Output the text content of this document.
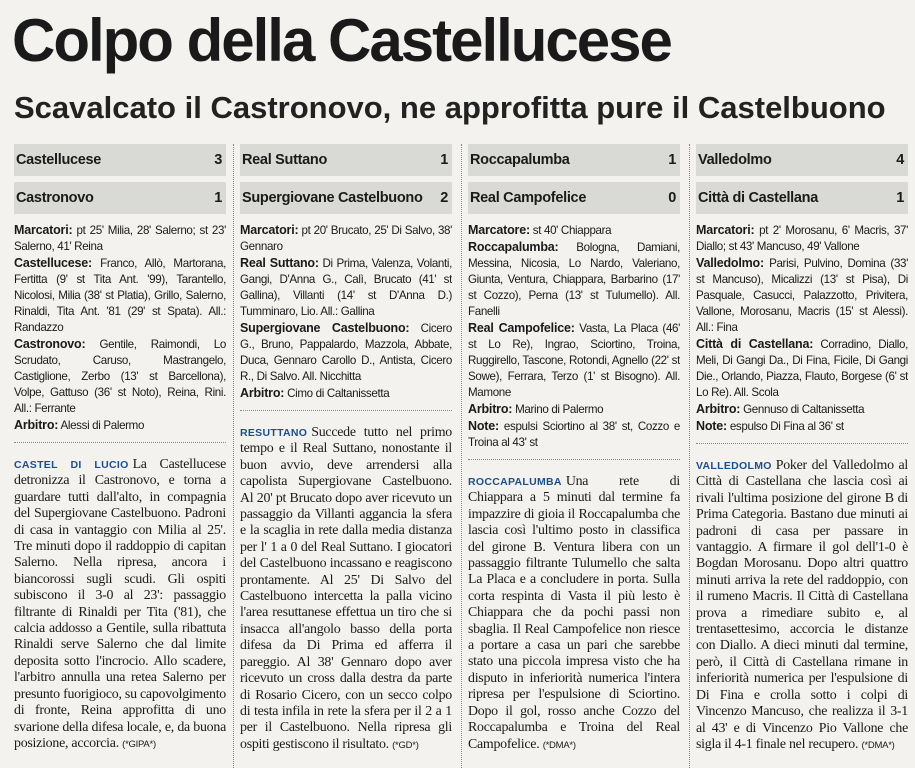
Colpo della Castellucese
Scavalcato il Castronovo, ne approfitta pure il Castelbuono
Castellucese	3
Castronovo	1

Marcatori: pt 25' Milia, 28' Salerno; st 23' Salerno, 41' Reina

Castellucese: Franco, Allò, Martorana, Fertitta (9' st Tita Ant. '99), Tarantello, Nicolosi, Milia (38' st Platia), Grillo, Salerno, Rinaldi, Tita Ant. '81 (29' st Spata). All.: Randazzo

Castronovo: Gentile, Raimondi, Lo Scrudato, Caruso, Mastrangelo, Castiglione, Zerbo (13' st Barcellona), Volpe, Gattuso (36' st Noto), Reina, Rini. All.: Ferrante

Arbitro: Alessi di Palermo

CASTEL DI LUCIO La Castellucese detronizza il Castronovo, e torna a guardare tutti dall'alto, in compagnia del Supergiovane Castelbuono. Padroni di casa in vantaggio con Milia al 25'. Tre minuti dopo il raddoppio di capitan Salerno. Nella ripresa, ancora i biancorossi sugli scudi. Gli ospiti subiscono il 3-0 al 23': passaggio filtrante di Rinaldi per Tita ('81), che calcia addosso a Gentile, sulla ribattuta Rinaldi serve Salerno che dal limite deposita sotto l'incrocio. Allo scadere, l'arbitro annulla una retea Salerno per presunto fuorigioco, su capovolgimento di fronte, Reina approfitta di uno svarione della difesa locale, e, da buona posizione, accorcia. (*GIPA*)
Real Suttano	1
Supergiovane Castelbuono 2

Marcatori: pt 20' Brucato, 25' Di Salvo, 38' Gennaro

Real Suttano: Di Prima, Valenza, Volanti, Gangi, D'Anna G., Calì, Brucato (41' st Gallina), Villanti (14' st D'Anna D.) Tumminaro, Lio. All.: Gallina

Supergiovane Castelbuono: Cicero G., Bruno, Pappalardo, Mazzola, Abbate, Duca, Gennaro Carollo D., Antista, Cicero R., Di Salvo. All. Nicchitta

Arbitro: Cimo di Caltanissetta

RESUTTANO Succede tutto nel primo tempo e il Real Suttano, nonostante il buon avvio, deve arrendersi alla capolista Supergiovane Castelbuono. Al 20' pt Brucato dopo aver ricevuto un passaggio da Villanti aggancia la sfera e la scaglia in rete dalla media distanza per l' 1 a 0 del Real Suttano. I giocatori del Castelbuono incassano e reagiscono prontamente. Al 25' Di Salvo del Castelbuono intercetta la palla vicino l'area resuttanese effettua un tiro che si insacca all'angolo basso della porta difesa da Di Prima ed afferra il pareggio. Al 38' Gennaro dopo aver ricevuto un cross dalla destra da parte di Rosario Cicero, con un secco colpo di testa infila in rete la sfera per il 2 a 1 per il Castelbuono. Nella ripresa gli ospiti gestiscono il risultato. (*GD*)
Roccapalumba	1
Real Campofelice	0

Marcatore: st 40' Chiappara

Roccapalumba: Bologna, Damiani, Messina, Nicosia, Lo Nardo, Valeriano, Giunta, Ventura, Chiappara, Barbarino (17' st Cozzo), Perna (13' st Tulumello). All. Fanelli

Real Campofelice: Vasta, La Placa (46' st Lo Re), Ingrao, Sciortino, Troina, Ruggirello, Tascone, Rotondi, Agnello (22' st Sowe), Ferrara, Terzo (1' st Bisogno). All. Mamone

Arbitro: Marino di Palermo

Note: espulsi Sciortino al 38' st, Cozzo e Troina al 43' st

ROCCAPALUMBA Una rete di Chiappara a 5 minuti dal termine fa impazzire di gioia il Roccapalumba che lascia così l'ultimo posto in classifica del girone B. Ventura libera con un passaggio filtrante Tulumello che salta La Placa e a concludere in porta. Sulla corta respinta di Vasta il più lesto è Chiappara che da pochi passi non sbaglia. Il Real Campofelice non riesce a portare a casa un pari che sarebbe stato una piccola impresa visto che ha disputo in inferiorità numerica l'intera ripresa per l'espulsione di Sciortino. Dopo il gol, rosso anche Cozzo del Roccapalumba e Troina del Real Campofelice. (*DMA*)
Valledolmo	4
Città di Castellana	1

Marcatori: pt 2' Morosanu, 6' Macris, 37' Diallo; st 43' Mancuso, 49' Vallone

Valledolmo: Parisi, Pulvino, Domina (33' st Mancuso), Micalizzi (13' st Pisa), Di Pasquale, Casucci, Palazzotto, Privitera, Vallone, Morosanu, Macris (15' st Alessi). All.: Fina

Città di Castellana: Corradino, Diallo, Meli, Di Gangi Da., Di Fina, Ficile, Di Gangi Die., Orlando, Piazza, Flauto, Borgese (6' st Lo Re). All. Scola

Arbitro: Gennuso di Caltanissetta

Note: espulso Di Fina al 36' st

VALLEDOLMO Poker del Valledolmo al Città di Castellana che lascia così ai rivali l'ultima posizione del girone B di Prima Categoria. Bastano due minuti ai padroni di casa per passare in vantaggio. A firmare il gol dell'1-0 è Bogdan Morosanu. Dopo altri quattro minuti arriva la rete del raddoppio, con il rumeno Macris. Il Città di Castellana prova a rimediare subito e, al trentasettesimo, accorcia le distanze con Diallo. A dieci minuti dal termine, però, il Città di Castellana rimane in inferiorità numerica per l'espulsione di Di Fina e crolla sotto i colpi di Vincenzo Mancuso, che realizza il 3-1 al 43' e di Vincenzo Pio Vallone che sigla il 4-1 finale nel recupero. (*DMA*)
